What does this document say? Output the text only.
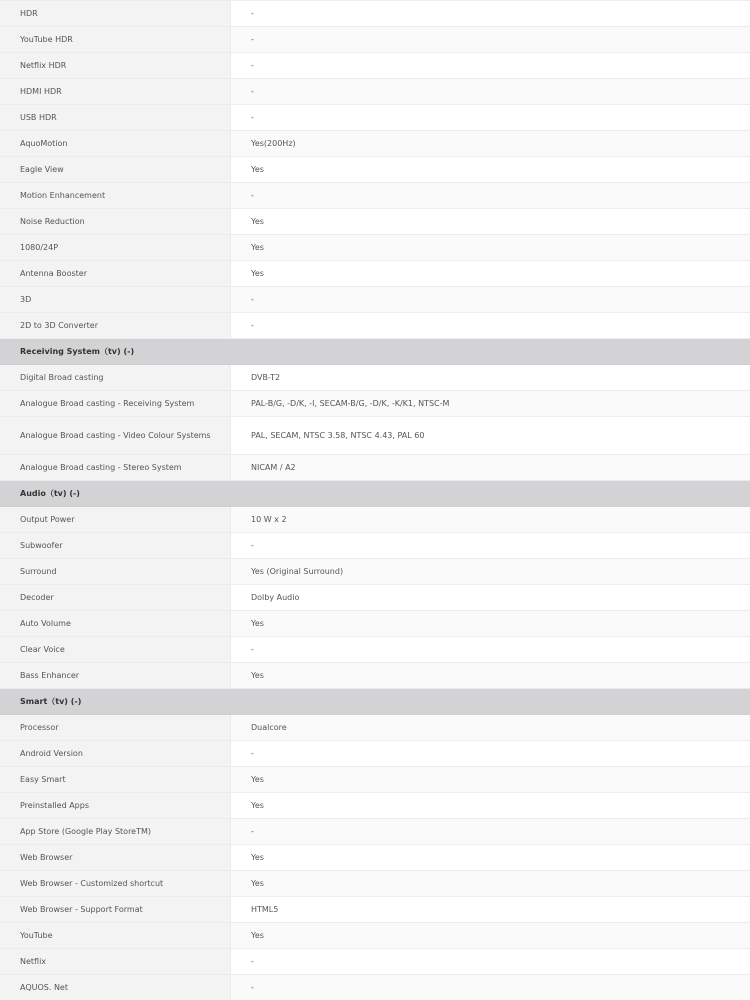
HDR	-
YouTube HDR	-
Netflix HDR	-
HDMI HDR	-
USB HDR	-
AquoMotion	Yes(200Hz)
Eagle View	Yes
Motion Enhancement	-
Noise Reduction	Yes
1080/24P	Yes
Antenna Booster	Yes
3D	-
2D to 3D Converter	-
Receiving System（tv) (-)	
Digital Broad casting	DVB-T2
Analogue Broad casting - Receiving System	PAL-B/G, -D/K, -I, SECAM-B/G, -D/K, -K/K1, NTSC-M
Analogue Broad casting - Video Colour Systems	PAL, SECAM, NTSC 3.58, NTSC 4.43, PAL 60
Analogue Broad casting - Stereo System	NICAM / A2
Audio（tv) (-)	
Output Power	10 W x 2
Subwoofer	-
Surround	Yes (Original Surround)
Decoder	Dolby Audio
Auto Volume	Yes
Clear Voice	-
Bass Enhancer	Yes
Smart（tv) (-)	
Processor	Dualcore
Android Version	-
Easy Smart	Yes
Preinstalled Apps	Yes
App Store (Google Play StoreTM)	-
Web Browser	Yes
Web Browser - Customized shortcut	Yes
Web Browser - Support Format	HTML5
YouTube	Yes
Netflix	-
AQUOS. Net	-
